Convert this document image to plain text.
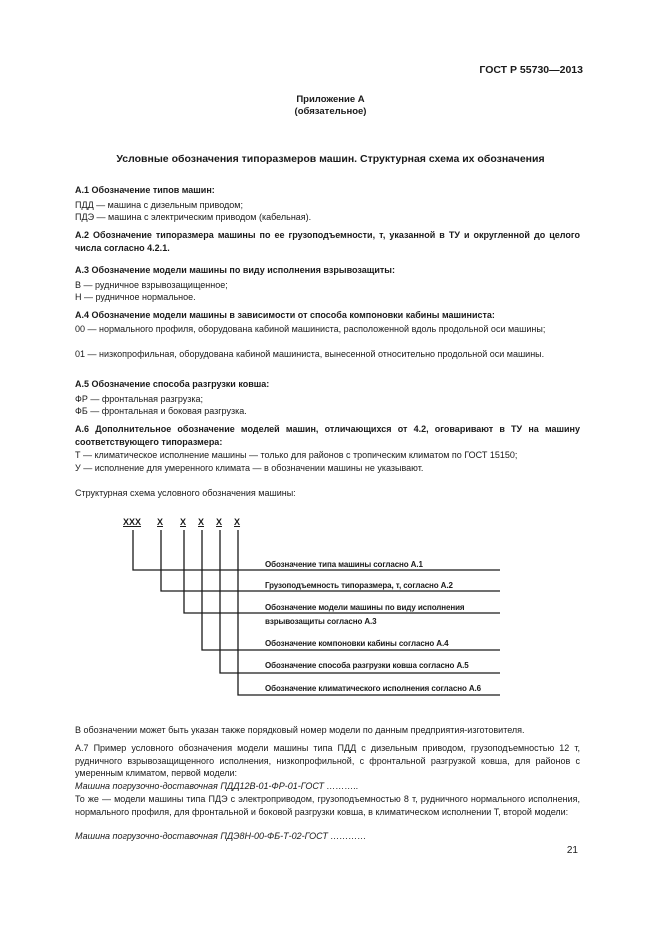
ГОСТ Р 55730—2013
Приложение А
(обязательное)
Условные обозначения типоразмеров машин. Структурная схема их обозначения
А.1 Обозначение типов машин:
ПДД — машина с дизельным приводом;
ПДЭ — машина с электрическим приводом (кабельная).
А.2 Обозначение типоразмера машины по ее грузоподъемности, т, указанной в ТУ и округленной до целого числа согласно 4.2.1.
А.3 Обозначение модели машины по виду исполнения взрывозащиты:
В — рудничное взрывозащищенное;
Н — рудничное нормальное.
А.4 Обозначение модели машины в зависимости от способа компоновки кабины машиниста:
00 — нормального профиля, оборудована кабиной машиниста, расположенной вдоль продольной оси машины;
01 — низкопрофильная, оборудована кабиной машиниста, вынесенной относительно продольной оси машины.
А.5 Обозначение способа разгрузки ковша:
ФР — фронтальная разгрузка;
ФБ — фронтальная и боковая разгрузка.
А.6 Дополнительное обозначение моделей машин, отличающихся от 4.2, оговаривают в ТУ на машину соответствующего типоразмера:
Т — климатическое исполнение машины — только для районов с тропическим климатом по ГОСТ 15150;
У — исполнение для умеренного климата — в обозначении машины не указывают.
Структурная схема условного обозначения машины:
ХХХ Х Х Х Х Х
Обозначение типа машины согласно А.1
Грузоподъемность типоразмера, т, согласно А.2
Обозначение модели машины по виду исполнения
взрывозащиты согласно А.3
Обозначение компоновки кабины согласно А.4
Обозначение способа разгрузки ковша согласно А.5
Обозначение климатического исполнения согласно А.6
В обозначении может быть указан также порядковый номер модели по данным предприятия-изготовителя.
А.7 Пример условного обозначения модели машины типа ПДД с дизельным приводом, грузоподъемностью 12 т, рудничного взрывозащищенного исполнения, низкопрофильной, с фронтальной разгрузкой ковша, для районов с умеренным климатом, первой модели:
Машина погрузочно-доставочная ПДД12В-01-ФР-01-ГОСТ ………..
То же — модели машины типа ПДЭ с электроприводом, грузоподъемностью 8 т, рудничного нормального исполнения, нормального профиля, для фронтальной и боковой разгрузки ковша, в климатическом исполнении Т, второй модели:
Машина погрузочно-доставочная ПДЭ8Н-00-ФБ-Т-02-ГОСТ …………
21
